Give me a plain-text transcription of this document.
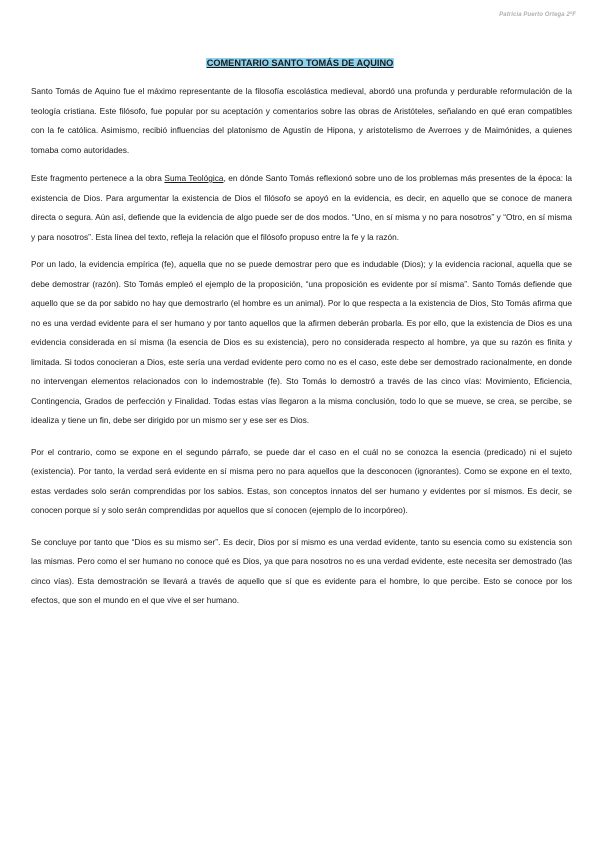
Patricia Puerto Ortega 2ºF
COMENTARIO SANTO TOMÁS DE AQUINO

Santo Tomás de Aquino fue el máximo representante de la filosofía escolástica medieval, abordó una profunda y perdurable reformulación de la teología cristiana. Este filósofo, fue popular por su aceptación y comentarios sobre las obras de Aristóteles, señalando en qué eran compatibles con la fe católica. Asimismo, recibió influencias del platonismo de Agustín de Hipona, y aristotelismo de Averroes y de Maimónides, a quienes tomaba como autoridades.

Este fragmento pertenece a la obra Suma Teológica, en dónde Santo Tomás reflexionó sobre uno de los problemas más presentes de la época: la existencia de Dios. Para argumentar la existencia de Dios el filósofo se apoyó en la evidencia, es decir, en aquello que se conoce de manera directa o segura. Aún así, defiende que la evidencia de algo puede ser de dos modos. “Uno, en sí misma y no para nosotros” y “Otro, en sí misma y para nosotros”. Esta línea del texto, refleja la relación que el filósofo propuso entre la fe y la razón.

Por un lado, la evidencia empírica (fe), aquella que no se puede demostrar pero que es indudable (Dios); y la evidencia racional, aquella que se debe demostrar (razón). Sto Tomás empleó el ejemplo de la proposición, “una proposición es evidente por sí misma”. Santo Tomás defiende que aquello que se da por sabido no hay que demostrarlo (el hombre es un animal). Por lo que respecta a la existencia de Dios, Sto Tomás afirma que no es una verdad evidente para el ser humano y por tanto aquellos que la afirmen deberán probarla. Es por ello, que la existencia de Dios es una evidencia considerada en sí misma (la esencia de Dios es su existencia), pero no considerada respecto al hombre, ya que su razón es finita y limitada. Si todos conocieran a Dios, este sería una verdad evidente pero como no es el caso, este debe ser demostrado racionalmente, en donde no intervengan elementos relacionados con lo indemostrable (fe). Sto Tomás lo demostró a través de las cinco vías: Movimiento, Eficiencia, Contingencia, Grados de perfección y Finalidad. Todas estas vías llegaron a la misma conclusión, todo lo que se mueve, se crea, se percibe, se idealiza y tiene un fin, debe ser dirigido por un mismo ser y ese ser es Dios.

Por el contrario, como se expone en el segundo párrafo, se puede dar el caso en el cuál no se conozca la esencia (predicado) ni el sujeto (existencia). Por tanto, la verdad será evidente en sí misma pero no para aquellos que la desconocen (ignorantes). Como se expone en el texto, estas verdades solo serán comprendidas por los sabios. Estas, son conceptos innatos del ser humano y evidentes por sí mismos. Es decir, se conocen porque sí y solo serán comprendidas por aquellos que sí conocen (ejemplo de lo incorpóreo).

Se concluye por tanto que “Dios es su mismo ser”. Es decir, Dios por sí mismo es una verdad evidente, tanto su esencia como su existencia son las mismas. Pero como el ser humano no conoce qué es Dios, ya que para nosotros no es una verdad evidente, este necesita ser demostrado (las cinco vías). Esta demostración se llevará a través de aquello que sí que es evidente para el hombre, lo que percibe. Esto se conoce por los efectos, que son el mundo en el que vive el ser humano.
